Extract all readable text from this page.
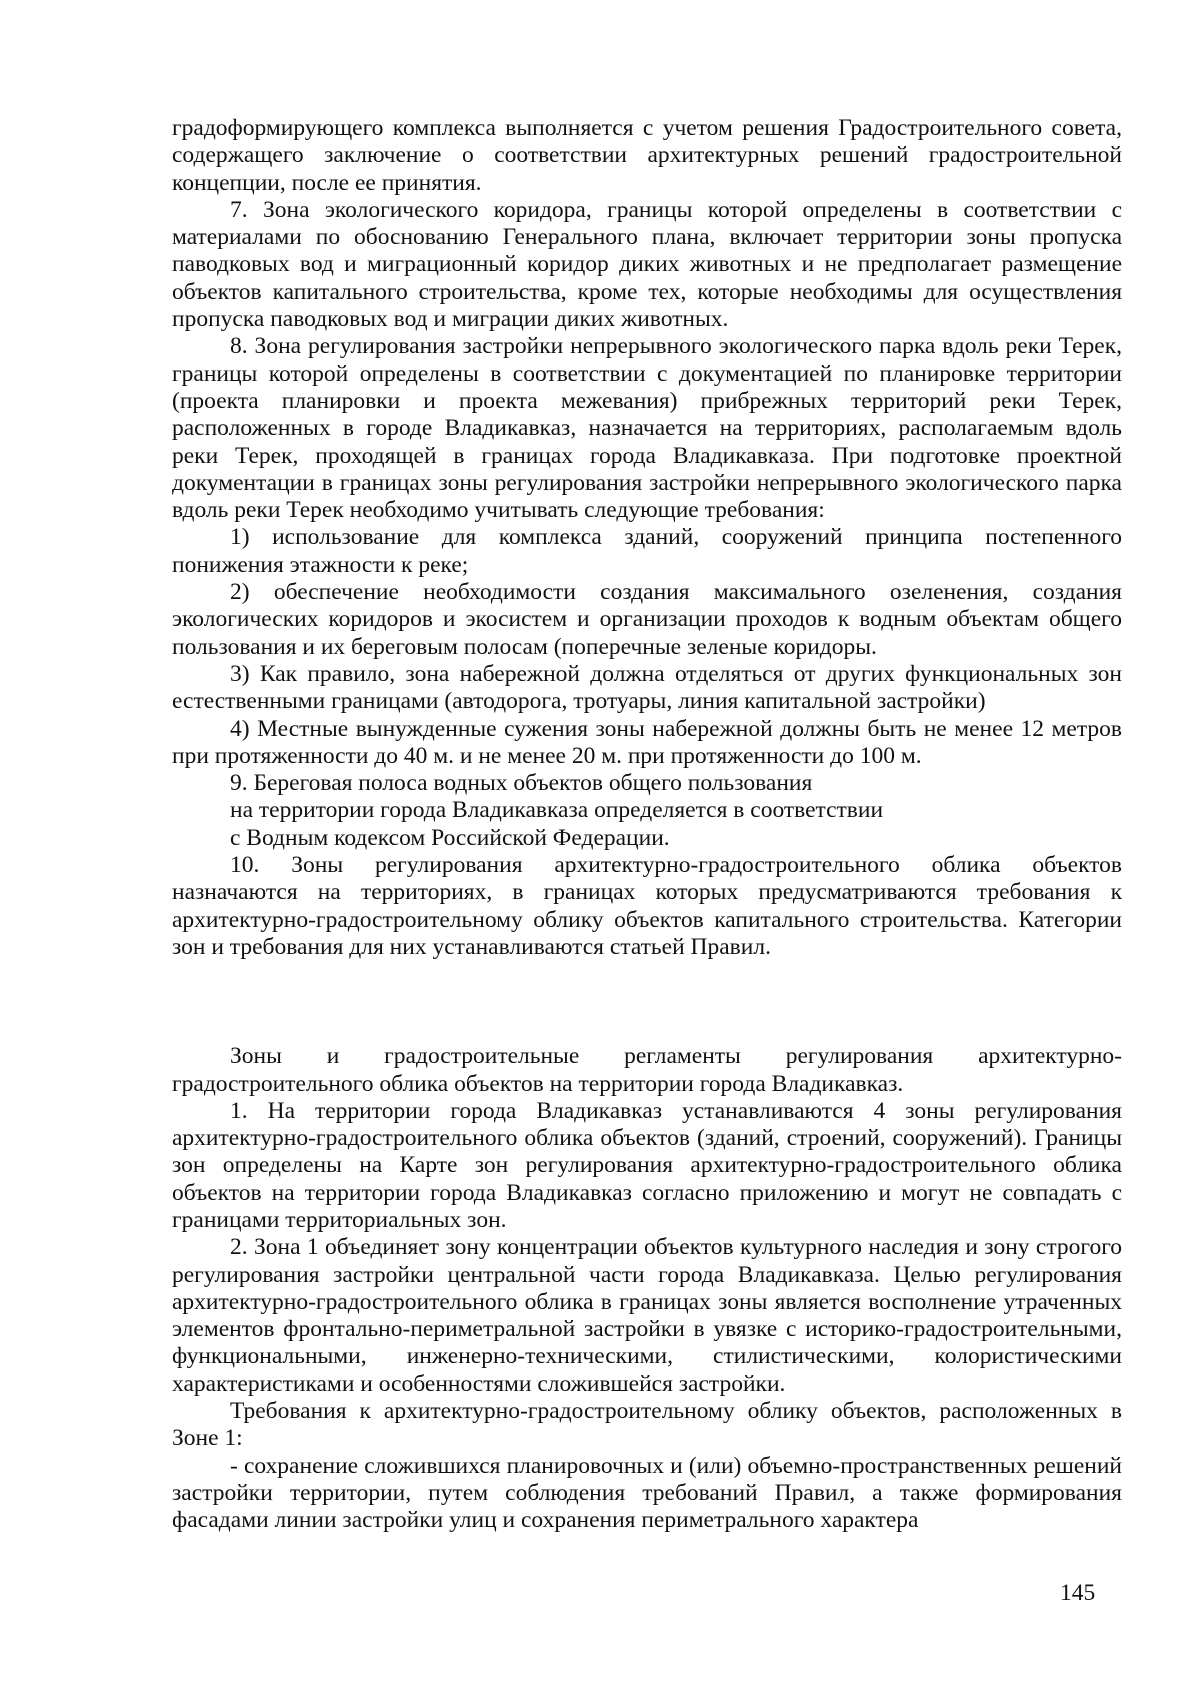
градоформирующего комплекса выполняется с учетом решения Градостроительного совета, содержащего заключение о соответствии архитектурных решений градостроительной концепции, после ее принятия.

7. Зона экологического коридора, границы которой определены в соответствии с материалами по обоснованию Генерального плана, включает территории зоны пропуска паводковых вод и миграционный коридор диких животных и не предполагает размещение объектов капитального строительства, кроме тех, которые необходимы для осуществления пропуска паводковых вод и миграции диких животных.

8. Зона регулирования застройки непрерывного экологического парка вдоль реки Терек, границы которой определены в соответствии с документацией по планировке территории (проекта планировки и проекта межевания) прибрежных территорий реки Терек, расположенных в городе Владикавказ, назначается на территориях, располагаемым вдоль реки Терек, проходящей в границах города Владикавказа. При подготовке проектной документации в границах зоны регулирования застройки непрерывного экологического парка вдоль реки Терек необходимо учитывать следующие требования:

1) использование для комплекса зданий, сооружений принципа постепенного понижения этажности к реке;

2) обеспечение необходимости создания максимального озеленения, создания экологических коридоров и экосистем и организации проходов к водным объектам общего пользования и их береговым полосам (поперечные зеленые коридоры.

3) Как правило, зона набережной должна отделяться от других функциональных зон естественными границами (автодорога, тротуары, линия капитальной застройки)

4) Местные вынужденные сужения зоны набережной должны быть не менее 12 метров при протяженности до 40 м. и не менее 20 м. при протяженности до 100 м.

9. Береговая полоса водных объектов общего пользования

на территории города Владикавказа определяется в соответствии

с Водным кодексом Российской Федерации.

10. Зоны регулирования архитектурно-градостроительного облика объектов назначаются на территориях, в границах которых предусматриваются требования к архитектурно-градостроительному облику объектов капитального строительства. Категории зон и требования для них устанавливаются статьей Правил.

Зоны и градостроительные регламенты регулирования архитектурно-градостроительного облика объектов на территории города Владикавказ.

1. На территории города Владикавказ устанавливаются 4 зоны регулирования архитектурно-градостроительного облика объектов (зданий, строений, сооружений). Границы зон определены на Карте зон регулирования архитектурно-градостроительного облика объектов на территории города Владикавказ согласно приложению и могут не совпадать с границами территориальных зон.

2. Зона 1 объединяет зону концентрации объектов культурного наследия и зону строгого регулирования застройки центральной части города Владикавказа. Целью регулирования архитектурно-градостроительного облика в границах зоны является восполнение утраченных элементов фронтально-периметральной застройки в увязке с историко-градостроительными, функциональными, инженерно-техническими, стилистическими, колористическими характеристиками и особенностями сложившейся застройки.

Требования к архитектурно-градостроительному облику объектов, расположенных в Зоне 1:

- сохранение сложившихся планировочных и (или) объемно-пространственных решений застройки территории, путем соблюдения требований Правил, а также формирования фасадами линии застройки улиц и сохранения периметрального характера

145
